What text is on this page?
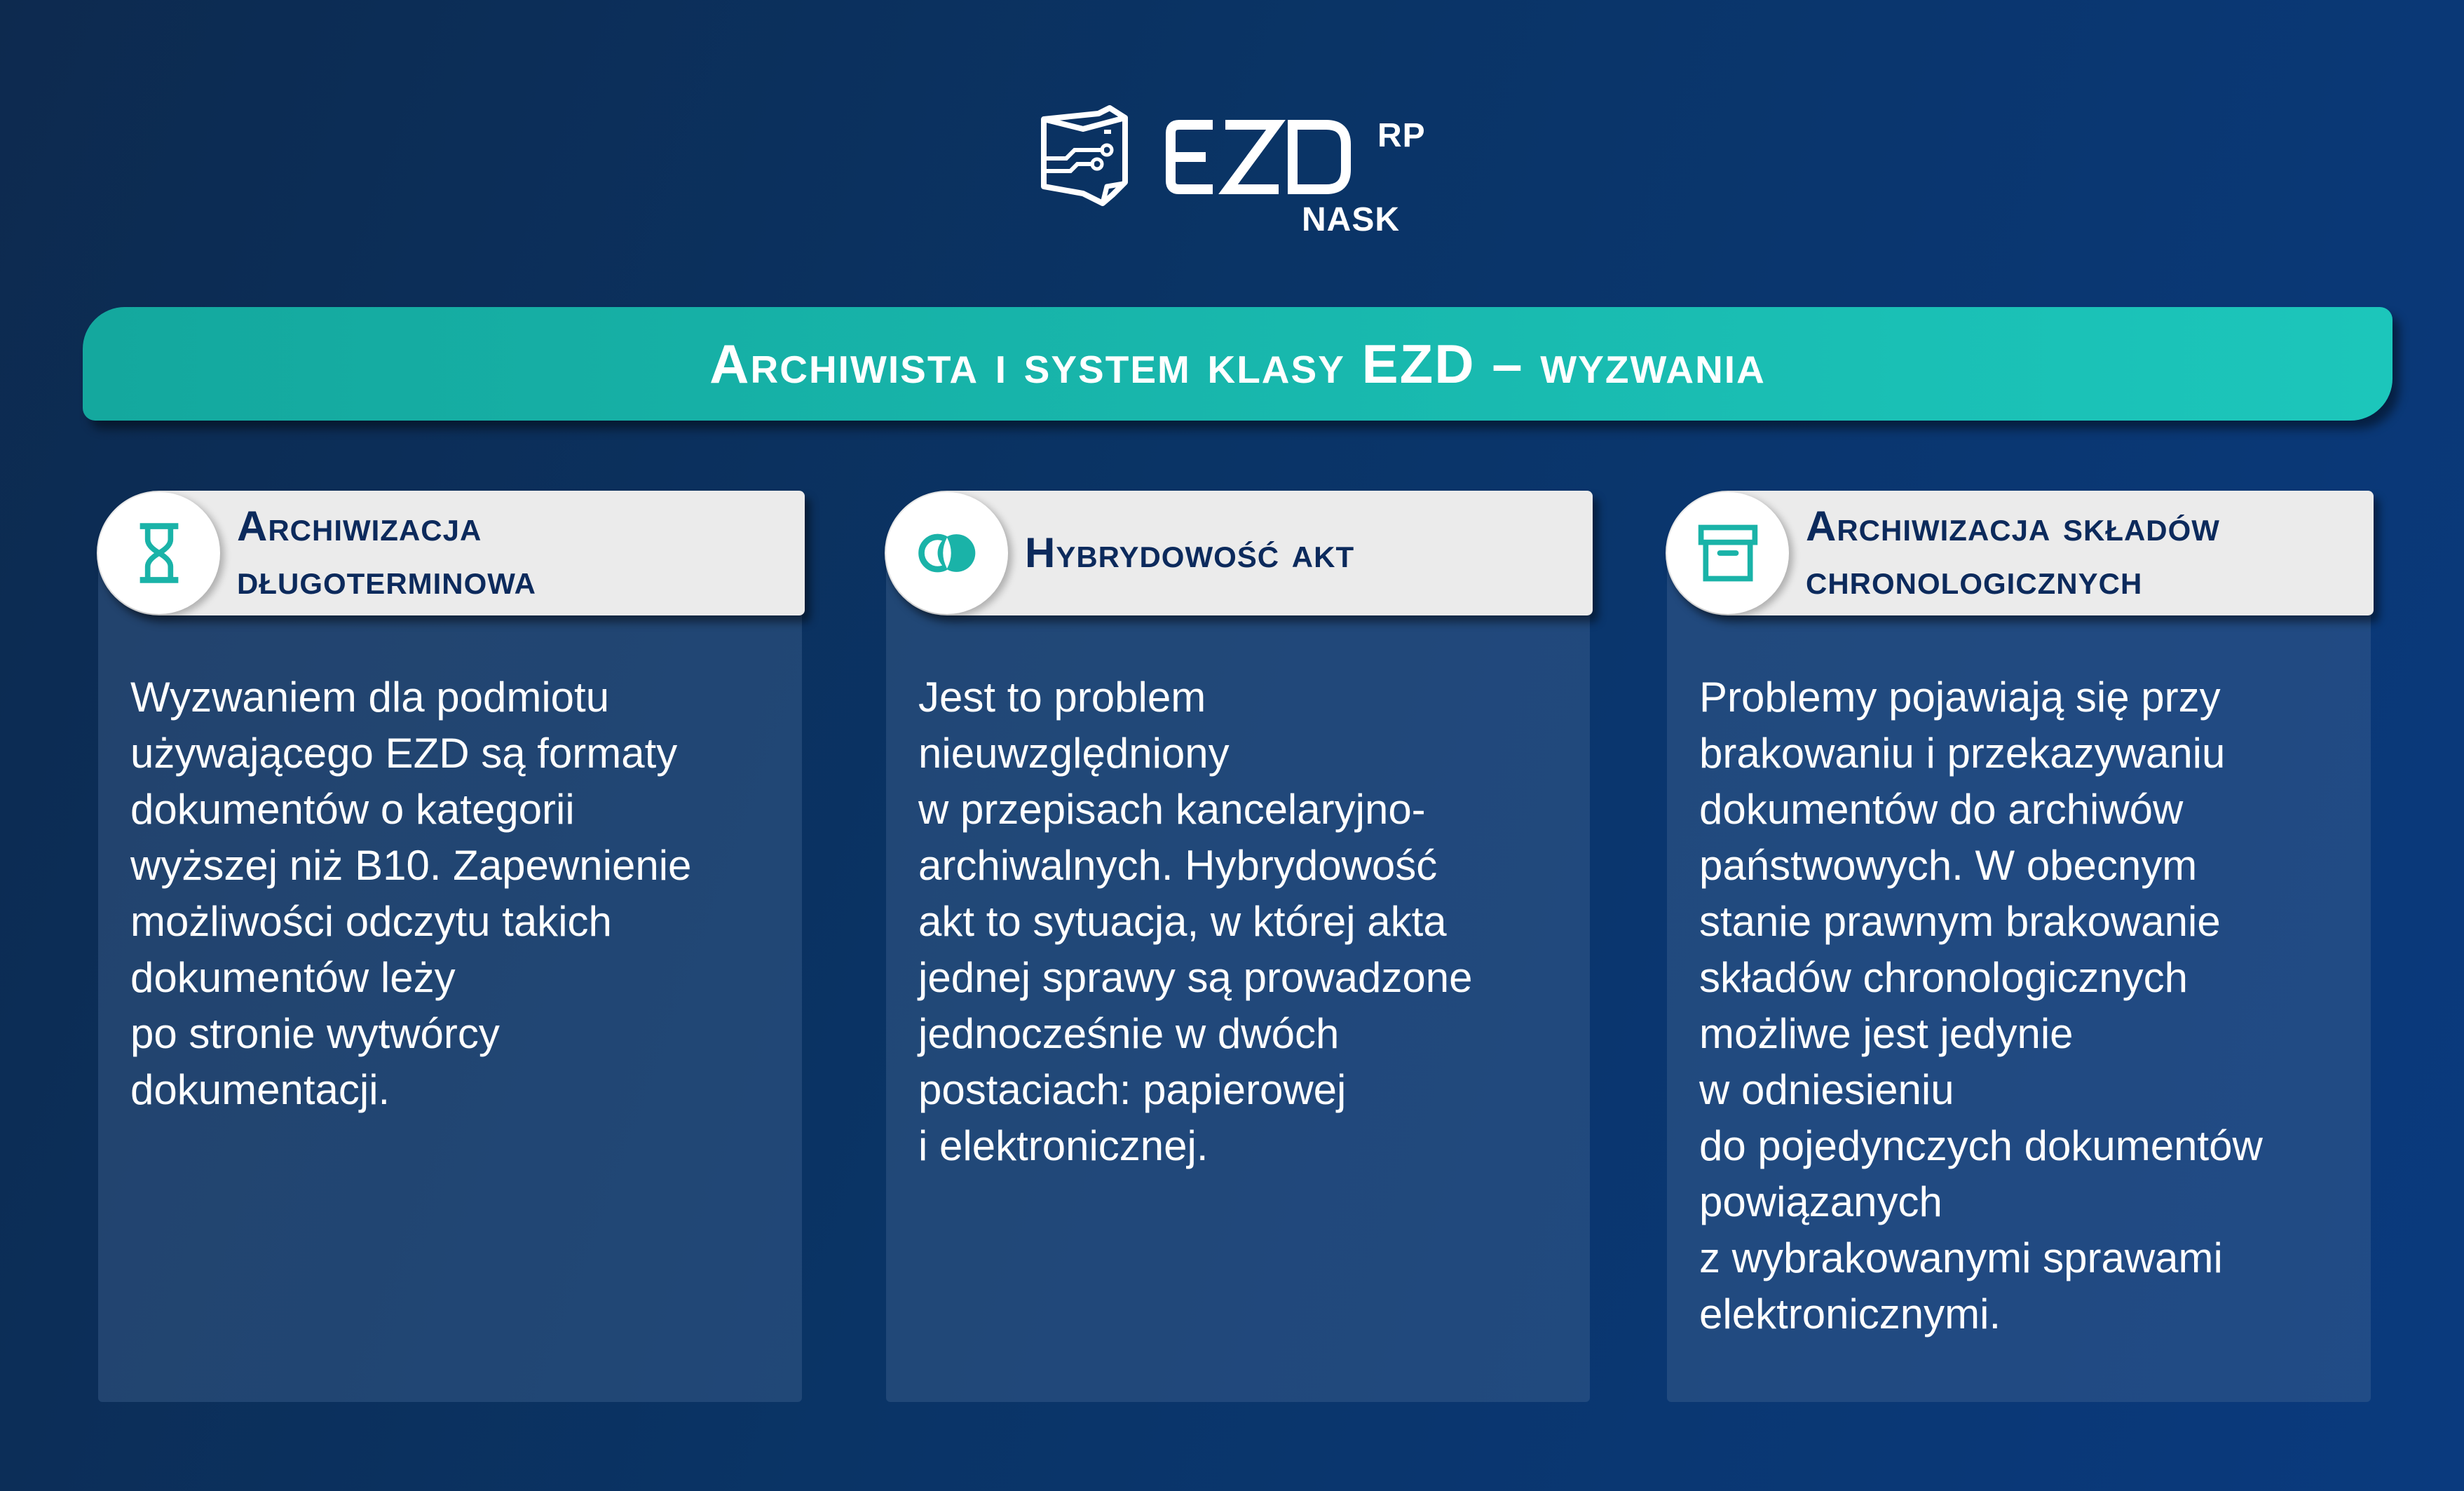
EZD
RP
NASK
Archiwista i system klasy EZD – wyzwania
Archiwizacja
długoterminowa
Wyzwaniem dla podmiotu
używającego EZD są formaty
dokumentów o kategorii
wyższej niż B10. Zapewnienie
możliwości odczytu takich
dokumentów leży
po stronie wytwórcy
dokumentacji.
Hybrydowość akt
Jest to problem
nieuwzględniony
w przepisach kancelaryjno-
archiwalnych. Hybrydowość
akt to sytuacja, w której akta
jednej sprawy są prowadzone
jednocześnie w dwóch
postaciach: papierowej
i elektronicznej.
Archiwizacja składów
chronologicznych
Problemy pojawiają się przy
brakowaniu i przekazywaniu
dokumentów do archiwów
państwowych. W obecnym
stanie prawnym brakowanie
składów chronologicznych
możliwe jest jedynie
w odniesieniu
do pojedynczych dokumentów
powiązanych
z wybrakowanymi sprawami
elektronicznymi.
